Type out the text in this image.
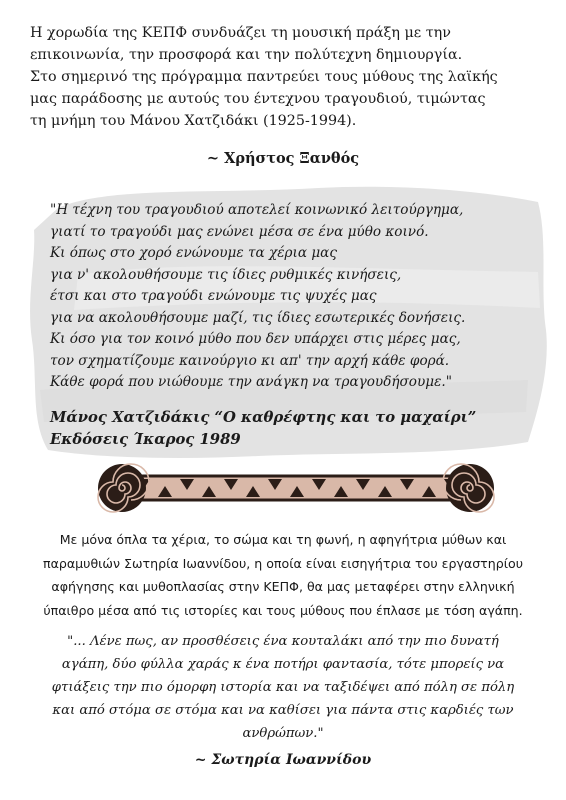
Η χορωδία της ΚΕΠΦ συνδυάζει τη μουσική πράξη με την

επικοινωνία, την προσφορά και την πολύτεχνη δημιουργία.

Στο σημερινό της πρόγραμμα παντρεύει τους μύθους της λαϊκής

μας παράδοσης με αυτούς του έντεχνου τραγουδιού, τιμώντας

τη μνήμη του Μάνου Χατζιδάκι (1925-1994).

~ Χρήστος Ξανθός

"Η τέχνη του τραγουδιού αποτελεί κοινωνικό λειτούργημα,

γιατί το τραγούδι μας ενώνει μέσα σε ένα μύθο κοινό.

Κι όπως στο χορό ενώνουμε τα χέρια μας

για ν' ακολουθήσουμε τις ίδιες ρυθμικές κινήσεις,

έτσι και στο τραγούδι ενώνουμε τις ψυχές μας

για να ακολουθήσουμε μαζί, τις ίδιες εσωτερικές δονήσεις.

Κι όσο για τον κοινό μύθο που δεν υπάρχει στις μέρες μας,

τον σχηματίζουμε καινούργιο κι απ' την αρχή κάθε φορά.

Κάθε φορά που νιώθουμε την ανάγκη να τραγουδήσουμε."

Μάνος Χατζιδάκις “Ο καθρέφτης και το μαχαίρι”

Εκδόσεις Ίκαρος 1989

Με μόνα όπλα τα χέρια, το σώμα και τη φωνή, η αφηγήτρια μύθων και

παραμυθιών Σωτηρία Ιωαννίδου, η οποία είναι εισηγήτρια του εργαστηρίου

αφήγησης και μυθοπλασίας στην ΚΕΠΦ, θα μας μεταφέρει στην ελληνική

ύπαιθρο μέσα από τις ιστορίες και τους μύθους που έπλασε με τόση αγάπη.

"... Λένε πως, αν προσθέσεις ένα κουταλάκι από την πιο δυνατή

αγάπη, δύο φύλλα χαράς κ ένα ποτήρι φαντασία, τότε μπορείς να

φτιάξεις την πιο όμορφη ιστορία και να ταξιδέψει από πόλη σε πόλη

και από στόμα σε στόμα και να καθίσει για πάντα στις καρδιές των

ανθρώπων."

~ Σωτηρία Ιωαννίδου
